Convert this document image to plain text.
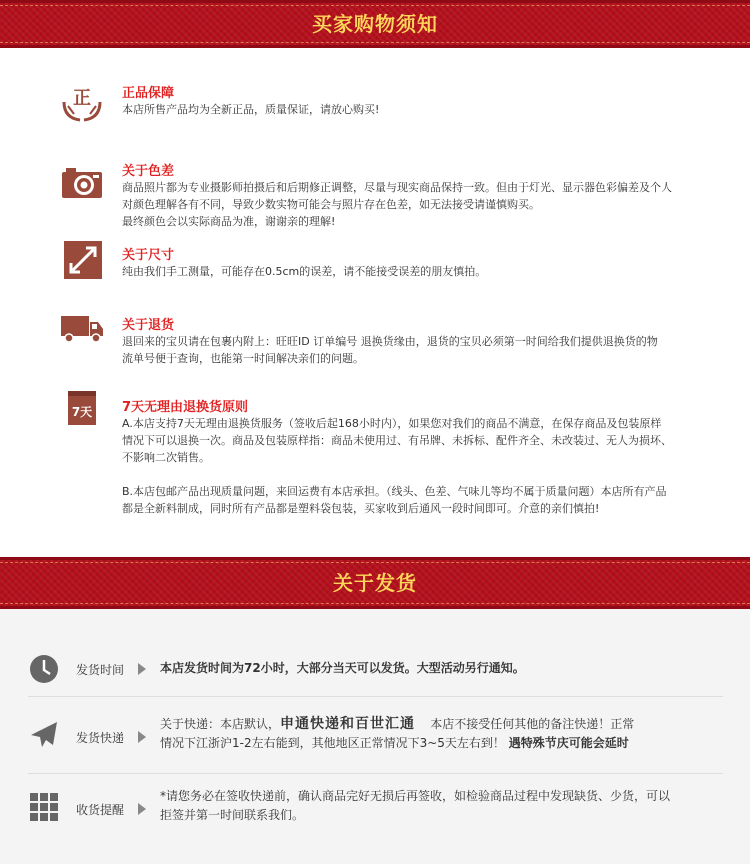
买家购物须知
正 正品保障

本店所售产品均为全新正品，质量保证，请放心购买!

关于色差

商品照片都为专业摄影师拍摄后和后期修正调整，尽量与现实商品保持一致。但由于灯光、显示器色彩偏差及个人

对颜色理解各有不同，导致少数实物可能会与照片存在色差，如无法接受请谨慎购买。

最终颜色会以实际商品为准，谢谢亲的理解!

关于尺寸

纯由我们手工测量，可能存在0.5cm的误差，请不能接受误差的朋友慎拍。

关于退货

退回来的宝贝请在包裹内附上：旺旺ID 订单编号 退换货缘由，退货的宝贝必须第一时间给我们提供退换货的物

流单号便于查询，也能第一时间解决亲们的问题。

7天 7天无理由退换货原则

A.本店支持7天无理由退换货服务（签收后起168小时内），如果您对我们的商品不满意，在保存商品及包装原样

情况下可以退换一次。商品及包装原样指：商品未使用过、有吊牌、未拆标、配件齐全、未改装过、无人为损坏、

不影响二次销售。

B.本店包邮产品出现质量问题，来回运费有本店承担。（线头、色差、气味儿等均不属于质量问题）本店所有产品

都是全新料制成，同时所有产品都是塑料袋包装，买家收到后通风一段时间即可。介意的亲们慎拍!

关于发货
发货时间	本店发货时间为72小时，大部分当天可以发货。大型活动另行通知。

发货快递

关于快递：本店默认，申通快递和百世汇通 本店不接受任何其他的备注快递！正常

情况下江浙沪1-2左右能到，其他地区正常情况下3~5天左右到！ 遇特殊节庆可能会延时

收货提醒

*请您务必在签收快递前，确认商品完好无损后再签收，如检验商品过程中发现缺货、少货，可以

拒签并第一时间联系我们。
